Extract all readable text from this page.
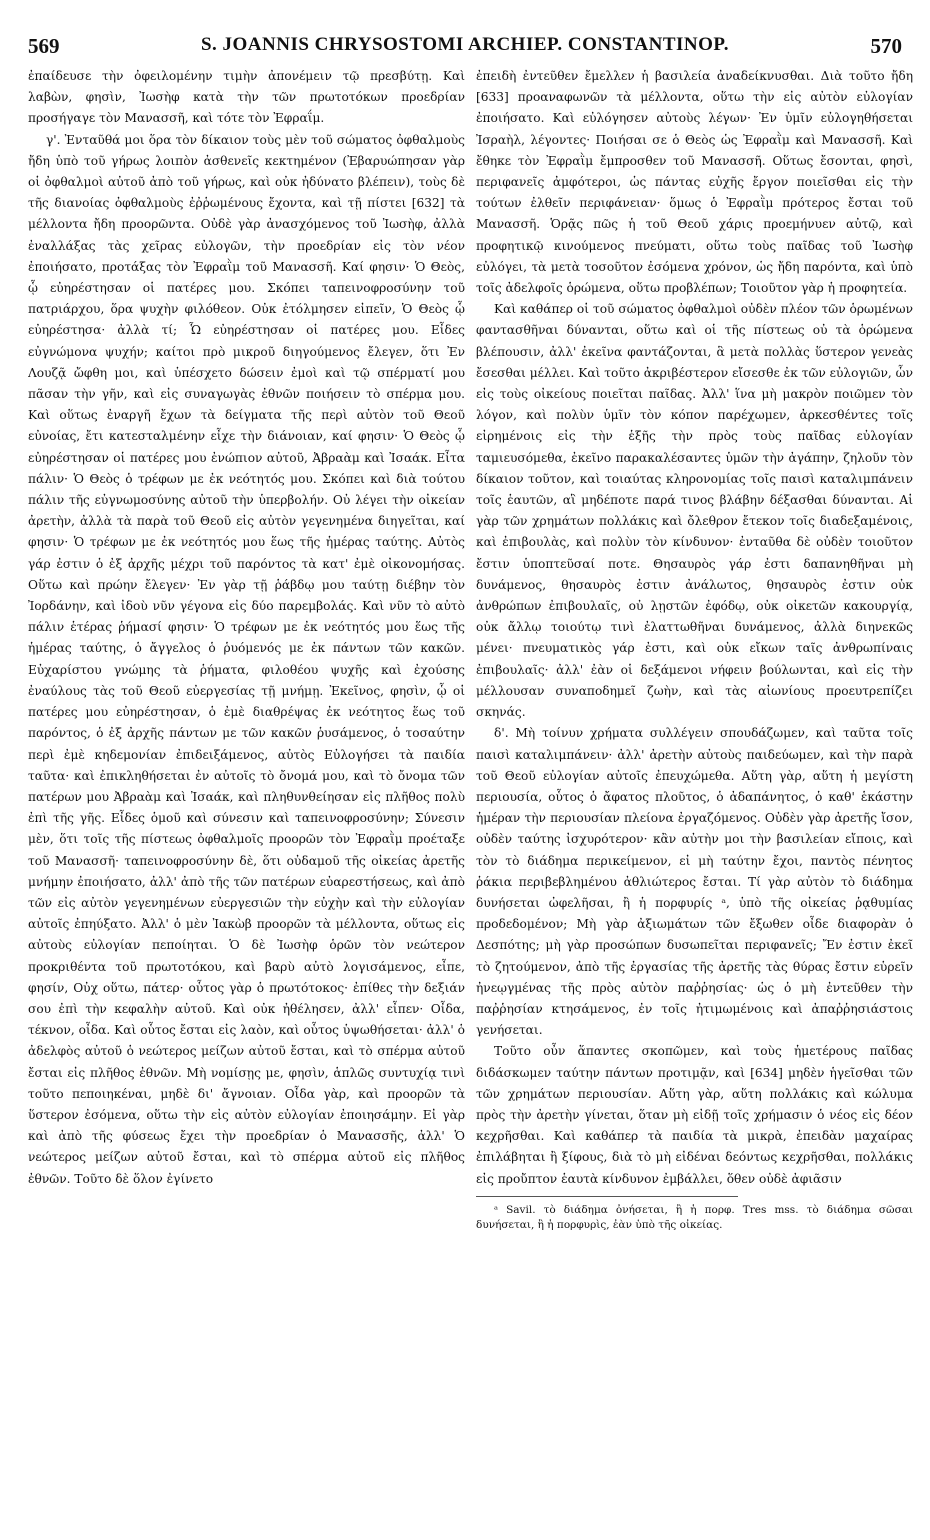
569	S. JOANNIS CHRYSOSTOMI ARCHIEP. CONSTANTINOP.	570

ἐπαίδευσε τὴν ὀφειλομένην τιμὴν ἀπονέμειν τῷ πρεσβύτῃ. Καὶ λαβὼν, φησὶν, Ἰωσὴφ κατὰ τὴν τῶν πρωτοτόκων προεδρίαν προσήγαγε τὸν Μανασσῆ, καὶ τότε τὸν Ἐφραΐμ.

γ'. Ἐνταῦθά μοι ὅρα τὸν δίκαιον τοὺς μὲν τοῦ σώματος ὀφθαλμοὺς ἤδη ὑπὸ τοῦ γήρως λοιπὸν ἀσθενεῖς κεκτημένον (Ἐβαρυώπησαν γὰρ οἱ ὀφθαλμοὶ αὐτοῦ ἀπὸ τοῦ γήρως, καὶ οὐκ ἠδύνατο βλέπειν), τοὺς δὲ τῆς διανοίας ὀφθαλμοὺς ἐῤῥωμένους ἔχοντα, καὶ τῇ πίστει [632] τὰ μέλλοντα ἤδη προορῶντα. Οὐδὲ γὰρ ἀνασχόμενος τοῦ Ἰωσὴφ, ἀλλὰ ἐναλλάξας τὰς χεῖρας εὐλογῶν, τὴν προεδρίαν εἰς τὸν νέον ἐποιήσατο, προτάξας τὸν Ἐφραῒμ τοῦ Μανασσῆ. Καί φησιν· Ὁ Θεὸς, ᾧ εὐηρέστησαν οἱ πατέρες μου. Σκόπει ταπεινοφροσύνην τοῦ πατριάρχου, ὅρα ψυχὴν φιλόθεον. Οὐκ ἐτόλμησεν εἰπεῖν, Ὁ Θεὸς ᾧ εὐηρέστησα· ἀλλὰ τί; Ὧ εὐηρέστησαν οἱ πατέρες μου. Εἶδες εὐγνώμονα ψυχήν; καίτοι πρὸ μικροῦ διηγούμενος ἔλεγεν, ὅτι Ἐν Λουζᾷ ὤφθη μοι, καὶ ὑπέσχετο δώσειν ἐμοὶ καὶ τῷ σπέρματί μου πᾶσαν τὴν γῆν, καὶ εἰς συναγωγὰς ἐθνῶν ποιήσειν τὸ σπέρμα μου. Καὶ οὕτως ἐναργῆ ἔχων τὰ δείγματα τῆς περὶ αὐτὸν τοῦ Θεοῦ εὐνοίας, ἔτι κατεσταλμένην εἶχε τὴν διάνοιαν, καί φησιν· Ὁ Θεὸς ᾧ εὐηρέστησαν οἱ πατέρες μου ἐνώπιον αὐτοῦ, Ἀβραὰμ καὶ Ἰσαάκ. Εἶτα πάλιν· Ὁ Θεὸς ὁ τρέφων με ἐκ νεότητός μου. Σκόπει καὶ διὰ τούτου πάλιν τῆς εὐγνωμοσύνης αὐτοῦ τὴν ὑπερβολήν. Οὐ λέγει τὴν οἰκείαν ἀρετὴν, ἀλλὰ τὰ παρὰ τοῦ Θεοῦ εἰς αὐτὸν γεγενημένα διηγεῖται, καί φησιν· Ὁ τρέφων με ἐκ νεότητός μου ἕως τῆς ἡμέρας ταύτης. Αὐτὸς γάρ ἐστιν ὁ ἐξ ἀρχῆς μέχρι τοῦ παρόντος τὰ κατ' ἐμὲ οἰκονομήσας. Οὕτω καὶ πρώην ἔλεγεν· Ἐν γὰρ τῇ ῥάβδῳ μου ταύτῃ διέβην τὸν Ἰορδάνην, καὶ ἰδοὺ νῦν γέγονα εἰς δύο παρεμβολάς. Καὶ νῦν τὸ αὐτὸ πάλιν ἑτέρας ῥήμασί φησιν· Ὁ τρέφων με ἐκ νεότητός μου ἕως τῆς ἡμέρας ταύτης, ὁ ἄγγελος ὁ ῥυόμενός με ἐκ πάντων τῶν κακῶν. Εὐχαρίστου γνώμης τὰ ῥήματα, φιλοθέου ψυχῆς καὶ ἐχούσης ἐναύλους τὰς τοῦ Θεοῦ εὐεργεσίας τῇ μνήμῃ. Ἐκεῖνος, φησὶν, ᾧ οἱ πατέρες μου εὐηρέστησαν, ὁ ἐμὲ διαθρέψας ἐκ νεότητος ἕως τοῦ παρόντος, ὁ ἐξ ἀρχῆς πάντων με τῶν κακῶν ῥυσάμενος, ὁ τοσαύτην περὶ ἐμὲ κηδεμονίαν ἐπιδειξάμενος, αὐτὸς Εὐλογήσει τὰ παιδία ταῦτα· καὶ ἐπικληθήσεται ἐν αὐτοῖς τὸ ὄνομά μου, καὶ τὸ ὄνομα τῶν πατέρων μου Ἀβραὰμ καὶ Ἰσαάκ, καὶ πληθυνθείησαν εἰς πλῆθος πολὺ ἐπὶ τῆς γῆς. Εἶδες ὁμοῦ καὶ σύνεσιν καὶ ταπεινοφροσύνην; Σύνεσιν μὲν, ὅτι τοῖς τῆς πίστεως ὀφθαλμοῖς προορῶν τὸν Ἐφραῒμ προέταξε τοῦ Μανασσῆ· ταπεινοφροσύνην δὲ, ὅτι οὐδαμοῦ τῆς οἰκείας ἀρετῆς μνήμην ἐποιήσατο, ἀλλ' ἀπὸ τῆς τῶν πατέρων εὐαρεστήσεως, καὶ ἀπὸ τῶν εἰς αὐτὸν γεγενημένων εὐεργεσιῶν τὴν εὐχὴν καὶ τὴν εὐλογίαν αὐτοῖς ἐπηύξατο. Ἀλλ' ὁ μὲν Ἰακὼβ προορῶν τὰ μέλλοντα, οὕτως εἰς αὐτοὺς εὐλογίαν πεποίηται. Ὁ δὲ Ἰωσὴφ ὁρῶν τὸν νεώτερον προκριθέντα τοῦ πρωτοτόκου, καὶ βαρὺ αὐτὸ λογισάμενος, εἶπε, φησίν, Οὐχ οὕτω, πάτερ· οὗτος γὰρ ὁ πρωτότοκος· ἐπίθες τὴν δεξιάν σου ἐπὶ τὴν κεφαλὴν αὐτοῦ. Καὶ οὐκ ἠθέλησεν, ἀλλ' εἶπεν· Οἶδα, τέκνον, οἶδα. Καὶ οὗτος ἔσται εἰς λαὸν, καὶ οὗτος ὑψωθήσεται· ἀλλ' ὁ ἀδελφὸς αὐτοῦ ὁ νεώτερος μείζων αὐτοῦ ἔσται, καὶ τὸ σπέρμα αὐτοῦ ἔσται εἰς πλῆθος ἐθνῶν. Μὴ νομίσῃς με, φησὶν, ἁπλῶς συντυχίᾳ τινὶ τοῦτο πεποιηκέναι, μηδὲ δι' ἄγνοιαν. Οἶδα γὰρ, καὶ προορῶν τὰ ὕστερον ἐσόμενα, οὕτω τὴν εἰς αὐτὸν εὐλογίαν ἐποιησάμην. Εἰ γὰρ καὶ ἀπὸ τῆς φύσεως ἔχει τὴν προεδρίαν ὁ Μανασσῆς, ἀλλ' Ὁ νεώτερος μείζων αὐτοῦ ἔσται, καὶ τὸ σπέρμα αὐτοῦ εἰς πλῆθος ἐθνῶν. Τοῦτο δὲ ὅλον ἐγίνετο

ἐπειδὴ ἐντεῦθεν ἔμελλεν ἡ βασιλεία ἀναδείκνυσθαι. Διὰ τοῦτο ἤδη [633] προαναφωνῶν τὰ μέλλοντα, οὕτω τὴν εἰς αὐτὸν εὐλογίαν ἐποιήσατο. Καὶ εὐλόγησεν αὐτοὺς λέγων· Ἐν ὑμῖν εὐλογηθήσεται Ἰσραὴλ, λέγοντες· Ποιήσαι σε ὁ Θεὸς ὡς Ἐφραῒμ καὶ Μανασσῆ. Καὶ ἔθηκε τὸν Ἐφραῒμ ἔμπροσθεν τοῦ Μανασσῆ. Οὕτως ἔσονται, φησὶ, περιφανεῖς ἀμφότεροι, ὡς πάντας εὐχῆς ἔργον ποιεῖσθαι εἰς τὴν τούτων ἐλθεῖν περιφάνειαν· ὅμως ὁ Ἐφραῒμ πρότερος ἔσται τοῦ Μανασσῆ. Ὁρᾷς πῶς ἡ τοῦ Θεοῦ χάρις προεμήνυεν αὐτῷ, καὶ προφητικῷ κινούμενος πνεύματι, οὕτω τοὺς παῖδας τοῦ Ἰωσὴφ εὐλόγει, τὰ μετὰ τοσοῦτον ἐσόμενα χρόνον, ὡς ἤδη παρόντα, καὶ ὑπὸ τοῖς ἀδελφοῖς ὁρώμενα, οὕτω προβλέπων; Τοιοῦτον γὰρ ἡ προφητεία.

Καὶ καθάπερ οἱ τοῦ σώματος ὀφθαλμοὶ οὐδὲν πλέον τῶν ὁρωμένων φαντασθῆναι δύνανται, οὕτω καὶ οἱ τῆς πίστεως οὐ τὰ ὁρώμενα βλέπουσιν, ἀλλ' ἐκεῖνα φαντάζονται, ἃ μετὰ πολλὰς ὕστερον γενεὰς ἔσεσθαι μέλλει. Καὶ τοῦτο ἀκριβέστερον εἴσεσθε ἐκ τῶν εὐλογιῶν, ὧν εἰς τοὺς οἰκείους ποιεῖται παῖδας. Ἀλλ' ἵνα μὴ μακρὸν ποιῶμεν τὸν λόγον, καὶ πολὺν ὑμῖν τὸν κόπον παρέχωμεν, ἀρκεσθέντες τοῖς εἰρημένοις εἰς τὴν ἑξῆς τὴν πρὸς τοὺς παῖδας εὐλογίαν ταμιευσόμεθα, ἐκεῖνο παρακαλέσαντες ὑμῶν τὴν ἀγάπην, ζηλοῦν τὸν δίκαιον τοῦτον, καὶ τοιαύτας κληρονομίας τοῖς παισὶ καταλιμπάνειν τοῖς ἑαυτῶν, αἳ μηδέποτε παρά τινος βλάβην δέξασθαι δύνανται. Αἱ γὰρ τῶν χρημάτων πολλάκις καὶ ὄλεθρον ἔτεκον τοῖς διαδεξαμένοις, καὶ ἐπιβουλὰς, καὶ πολὺν τὸν κίνδυνον· ἐνταῦθα δὲ οὐδὲν τοιοῦτον ἔστιν ὑποπτεῦσαί ποτε. Θησαυρὸς γάρ ἐστι δαπανηθῆναι μὴ δυνάμενος, θησαυρὸς ἐστιν ἀνάλωτος, θησαυρὸς ἐστιν οὐκ ἀνθρώπων ἐπιβουλαῖς, οὐ λῃστῶν ἐφόδῳ, οὐκ οἰκετῶν κακουργίᾳ, οὐκ ἄλλῳ τοιούτῳ τινὶ ἐλαττωθῆναι δυνάμενος, ἀλλὰ διηνεκῶς μένει· πνευματικὸς γάρ ἐστι, καὶ οὐκ εἴκων ταῖς ἀνθρωπίναις ἐπιβουλαῖς· ἀλλ' ἐὰν οἱ δεξάμενοι νήφειν βούλωνται, καὶ εἰς τὴν μέλλουσαν συναποδημεῖ ζωὴν, καὶ τὰς αἰωνίους προευτρεπίζει σκηνάς.

δ'. Μὴ τοίνυν χρήματα συλλέγειν σπουδάζωμεν, καὶ ταῦτα τοῖς παισὶ καταλιμπάνειν· ἀλλ' ἀρετὴν αὐτοὺς παιδεύωμεν, καὶ τὴν παρὰ τοῦ Θεοῦ εὐλογίαν αὐτοῖς ἐπευχώμεθα. Αὕτη γὰρ, αὕτη ἡ μεγίστη περιουσία, οὗτος ὁ ἄφατος πλοῦτος, ὁ ἀδαπάνητος, ὁ καθ' ἑκάστην ἡμέραν τὴν περιουσίαν πλείονα ἐργαζόμενος. Οὐδὲν γὰρ ἀρετῆς ἴσον, οὐδὲν ταύτης ἰσχυρότερον· κἂν αὐτὴν μοι τὴν βασιλείαν εἴποις, καὶ τὸν τὸ διάδημα περικείμενον, εἰ μὴ ταύτην ἔχοι, παντὸς πένητος ῥάκια περιβεβλημένου ἀθλιώτερος ἔσται. Τί γὰρ αὐτὸν τὸ διάδημα δυνήσεται ὠφελῆσαι, ἢ ἡ πορφυρίς ᵃ, ὑπὸ τῆς οἰκείας ῥᾳθυμίας προδεδομένον; Μὴ γὰρ ἀξιωμάτων τῶν ἔξωθεν οἶδε διαφορὰν ὁ Δεσπότης; μὴ γὰρ προσώπων δυσωπεῖται περιφανεῖς; Ἔν ἐστιν ἐκεῖ τὸ ζητούμενον, ἀπὸ τῆς ἐργασίας τῆς ἀρετῆς τὰς θύρας ἔστιν εὑρεῖν ἠνεῳγμένας τῆς πρὸς αὐτὸν παῤῥησίας· ὡς ὁ μὴ ἐντεῦθεν τὴν παῤῥησίαν κτησάμενος, ἐν τοῖς ἠτιμωμένοις καὶ ἀπαῤῥησιάστοις γενήσεται.

Τοῦτο οὖν ἅπαντες σκοπῶμεν, καὶ τοὺς ἡμετέρους παῖδας διδάσκωμεν ταύτην πάντων προτιμᾷν, καὶ [634] μηδὲν ἡγεῖσθαι τῶν τῶν χρημάτων περιουσίαν. Αὕτη γὰρ, αὕτη πολλάκις καὶ κώλυμα πρὸς τὴν ἀρετὴν γίνεται, ὅταν μὴ εἰδῇ τοῖς χρήμασιν ὁ νέος εἰς δέον κεχρῆσθαι. Καὶ καθάπερ τὰ παιδία τὰ μικρὰ, ἐπειδὰν μαχαίρας ἐπιλάβηται ἢ ξίφους, διὰ τὸ μὴ εἰδέναι δεόντως κεχρῆσθαι, πολλάκις εἰς προὔπτον ἑαυτὰ κίνδυνον ἐμβάλλει, ὅθεν οὐδὲ ἀφιᾶσιν

ᵃ Savil. τὸ διάδημα ὀνήσεται, ἢ ἡ πορφ. Tres mss. τὸ διάδημα σῶσαι δυνήσεται, ἢ ἡ πορφυρὶς, ἐὰν ὑπὸ τῆς οἰκείας.
